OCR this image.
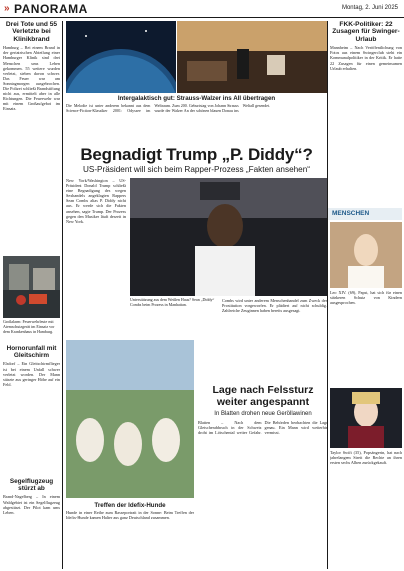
» PANORAMA	Montag, 2. Juni 2025
Drei Tote und 55 Verletzte bei Klinikbrand
Hamburg – Bei einem Brand in der geriatrischen Abteilung einer Hamburger Klinik sind drei Menschen ums Leben gekommen. 55 weitere wurden verletzt, sieben davon schwer. Das Feuer war am Sonntagmorgen ausgebrochen. Die Polizei schließt Brandstiftung nicht aus, ermittelt aber in alle Richtungen. Die Feuerwehr war mit einem Großaufgebot im Einsatz.
Großalarm: Feuerwehrleute mit Atemschutzgerät im Einsatz vor dem Krankenhaus in Hamburg.
Hornorunfall mit Gleitschirm
Elsdorf – Ein Gleitschirmflieger ist bei einem Unfall schwer verletzt worden. Der Mann stürzte aus geringer Höhe auf ein Feld.
Segelflugzeug stürzt ab
Brand-Nagelberg – In einem Waldgebiet ist ein Segelflugzeug abgestürzt. Der Pilot kam ums Leben.
Intergalaktisch gut: Strauss-Walzer ins All übertragen
Die Melodie ist unter anderem bekannt aus dem Science-Fiction-Klassiker 2001: Odyssee im Weltraum. Zum 200. Geburtstag von Johann Strauss wurde der Walzer An der schönen blauen Donau ins Weltall gesendet.
Begnadigt Trump „P. Diddy“?
US-Präsident will sich beim Rapper-Prozess „Fakten ansehen“
New York/Washington – US-Präsident Donald Trump schließt eine Begnadigung des wegen Sexhandels angeklagten Rappers Sean Combs alias P. Diddy nicht aus. Er werde sich die Fakten ansehen, sagte Trump. Der Prozess gegen den Musiker läuft derzeit in New York.
Unterstützung aus dem Weißen Haus? Sean „Diddy“ Combs beim Prozess in Manhattan.
Combs wird unter anderem Menschenhandel zum Zweck der Prostitution vorgeworfen. Er plädiert auf nicht schuldig. Zahlreiche Zeuginnen haben bereits ausgesagt.
Lage nach Felssturz weiter angespannt
In Blatten drohen neue Geröllawinen
Blatten – Nach dem Gletscherabbruch in der Schweiz droht im Lötschental weiter Gefahr. Die Behörden beobachten die Lage genau. Ein Mann wird weiterhin vermisst.
Treffen der Idefix-Hunde
Hunde in einer Reihe zum Rasseportrait in der Sonne: Beim Treffen der Idefix-Hunde kamen Halter aus ganz Deutschland zusammen.
FKK-Politiker: 22 Zusagen für Swinger-Urlaub
Mannheim – Nach Veröffentlichung von Fotos aus einem Swingerclub steht ein Kommunalpolitiker in der Kritik. Er hatte 22 Zusagen für einen gemeinsamen Urlaub erhalten.
MENSCHEN
Leo XIV. (69), Papst, hat sich für einen stärkeren Schutz von Kindern ausgesprochen.
Taylor Swift (35), Popsängerin, hat nach jahrelangem Streit die Rechte an ihren ersten sechs Alben zurückgekauft.
